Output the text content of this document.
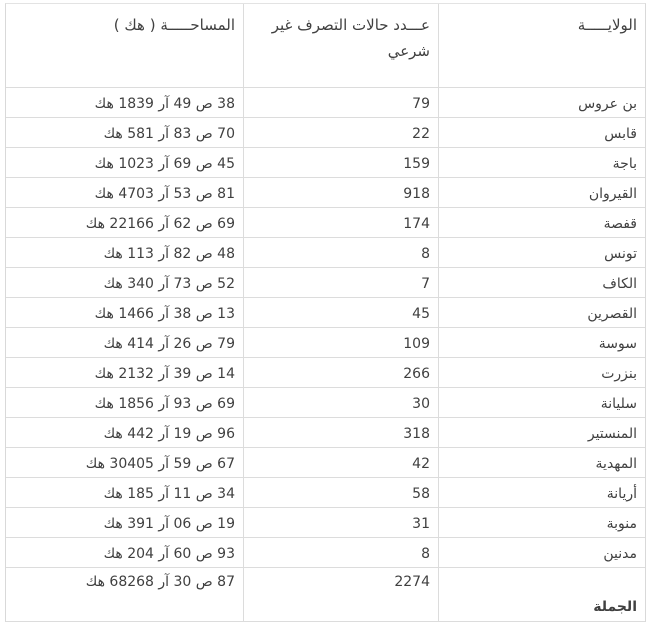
الولايـــــة
عـــدد حالات التصرف غير شرعي
المساحـــــة ( هك )
بن عروس
79
38 ص 49 آر 1839 هك
قابس
22
70 ص 83 آر 581 هك
باجة
159
45 ص 69 آر 1023 هك
القيروان
918
81 ص 53 آر 4703 هك
قفصة
174
69 ص 62 آر 22166 هك
تونس
8
48 ص 82 آر 113 هك
الكاف
7
52 ص 73 آر 340 هك
القصرين
45
13 ص 38 آر 1466 هك
سوسة
109
79 ص 26 آر 414 هك
بنزرت
266
14 ص 39 آر 2132 هك
سليانة
30
69 ص 93 آر 1856 هك
المنستير
318
96 ص 19 آر 442 هك
المهدية
42
67 ص 59 آر 30405 هك
أريانة
58
34 ص 11 آر 185 هك
منوبة
31
19 ص 06 آر 391 هك
مدنين
8
93 ص 60 آر 204 هك
الجملة
2274
87 ص 30 آر 68268 هك
